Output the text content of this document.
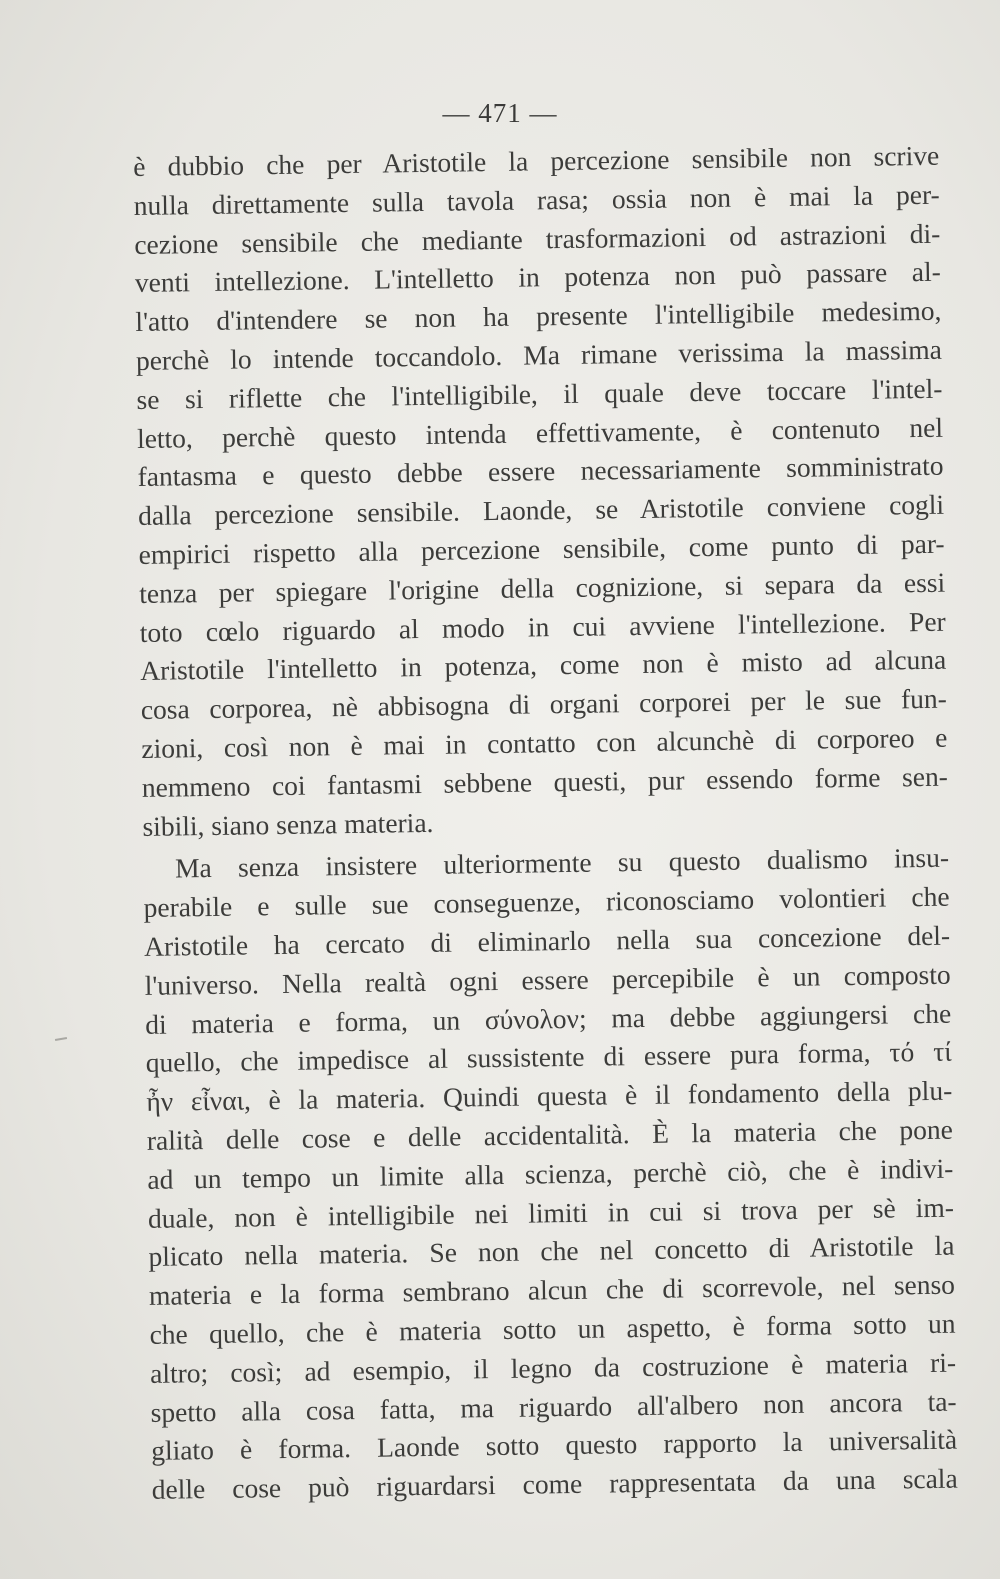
— 471 —
è dubbio che per Aristotile la percezione sensibile non scrive
nulla direttamente sulla tavola rasa; ossia non è mai la per-
cezione sensibile che mediante trasformazioni od astrazioni di-
venti intellezione. L'intelletto in potenza non può passare al-
l'atto d'intendere se non ha presente l'intelligibile medesimo,
perchè lo intende toccandolo. Ma rimane verissima la massima
se si riflette che l'intelligibile, il quale deve toccare l'intel-
letto, perchè questo intenda effettivamente, è contenuto nel
fantasma e questo debbe essere necessariamente somministrato
dalla percezione sensibile. Laonde, se Aristotile conviene cogli
empirici rispetto alla percezione sensibile, come punto di par-
tenza per spiegare l'origine della cognizione, si separa da essi
toto cœlo riguardo al modo in cui avviene l'intellezione. Per
Aristotile l'intelletto in potenza, come non è misto ad alcuna
cosa corporea, nè abbisogna di organi corporei per le sue fun-
zioni, così non è mai in contatto con alcunchè di corporeo e
nemmeno coi fantasmi sebbene questi, pur essendo forme sen-
sibili, siano senza materia.
Ma senza insistere ulteriormente su questo dualismo insu-
perabile e sulle sue conseguenze, riconosciamo volontieri che
Aristotile ha cercato di eliminarlo nella sua concezione del-
l'universo. Nella realtà ogni essere percepibile è un composto
di materia e forma, un σύνολον; ma debbe aggiungersi che
quello, che impedisce al sussistente di essere pura forma, τό τί
ἦν εἶναι, è la materia. Quindi questa è il fondamento della plu-
ralità delle cose e delle accidentalità. È la materia che pone
ad un tempo un limite alla scienza, perchè ciò, che è indivi-
duale, non è intelligibile nei limiti in cui si trova per sè im-
plicato nella materia. Se non che nel concetto di Aristotile la
materia e la forma sembrano alcun che di scorrevole, nel senso
che quello, che è materia sotto un aspetto, è forma sotto un
altro; così; ad esempio, il legno da costruzione è materia ri-
spetto alla cosa fatta, ma riguardo all'albero non ancora ta-
gliato è forma. Laonde sotto questo rapporto la universalità
delle cose può riguardarsi come rappresentata da una scala
